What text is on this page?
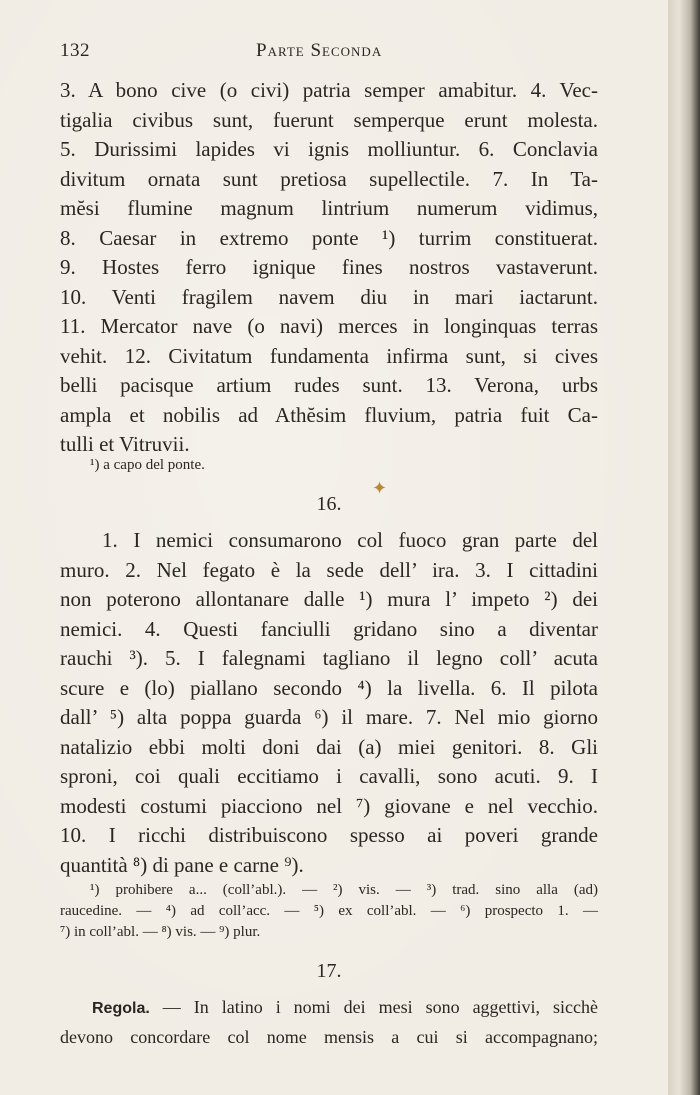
132	Parte Seconda
3. A bono cive (o civi) patria semper amabitur. 4. Vec-
tigalia civibus sunt, fuerunt semperque erunt molesta.
5. Durissimi lapides vi ignis molliuntur. 6. Conclavia
divitum ornata sunt pretiosa supellectile. 7. In Ta-
mĕsi flumine magnum lintrium numerum vidimus,
8. Caesar in extremo ponte ¹) turrim constituerat.
9. Hostes ferro ignique fines nostros vastaverunt.
10. Venti fragilem navem diu in mari iactarunt.
11. Mercator nave (o navi) merces in longinquas terras
vehit. 12. Civitatum fundamenta infirma sunt, si cives
belli pacisque artium rudes sunt. 13. Verona, urbs
ampla et nobilis ad Athĕsim fluvium, patria fuit Ca-
tulli et Vitruvii.
¹) a capo del ponte.
✦
16.
1. I nemici consumarono col fuoco gran parte del
muro. 2. Nel fegato è la sede dell’ ira. 3. I cittadini
non poterono allontanare dalle ¹) mura l’ impeto ²) dei
nemici. 4. Questi fanciulli gridano sino a diventar
rauchi ³). 5. I falegnami tagliano il legno coll’ acuta
scure e (lo) piallano secondo ⁴) la livella. 6. Il pilota
dall’ ⁵) alta poppa guarda ⁶) il mare. 7. Nel mio giorno
natalizio ebbi molti doni dai (a) miei genitori. 8. Gli
sproni, coi quali eccitiamo i cavalli, sono acuti. 9. I
modesti costumi piacciono nel ⁷) giovane e nel vecchio.
10. I ricchi distribuiscono spesso ai poveri grande
quantità ⁸) di pane e carne ⁹).
¹) prohibere a... (coll’abl.). — ²) vis. — ³) trad. sino alla (ad)
raucedine. — ⁴) ad coll’acc. — ⁵) ex coll’abl. — ⁶) prospecto 1. —
⁷) in coll’abl. — ⁸) vis. — ⁹) plur.
17.
Regola. — In latino i nomi dei mesi sono aggettivi, sicchè
devono concordare col nome mensis a cui si accompagnano;
